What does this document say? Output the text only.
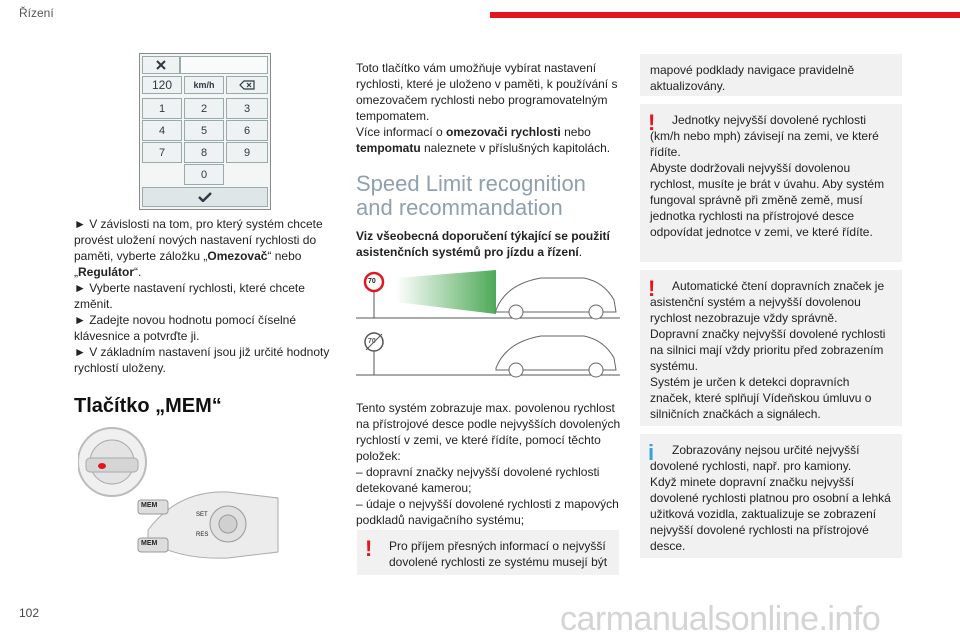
Řízení
120	km/h
1	2	3
4	5	6
7	8	9
0

► V závislosti na tom, pro který systém chcete provést uložení nových nastavení rychlosti do paměti, vyberte záložku „Omezovač“ nebo „Regulátor“.

► Vyberte nastavení rychlosti, které chcete změnit.

► Zadejte novou hodnotu pomocí číselné klávesnice a potvrďte ji.

► V základním nastavení jsou již určité hodnoty rychlostí uloženy.

Tlačítko „MEM“
MEM
MEM
SET
RES

Toto tlačítko vám umožňuje vybírat nastavení rychlosti, které je uloženo v paměti, k používání s omezovačem rychlosti nebo programovatelným tempomatem.

Více informací o omezovači rychlosti nebo tempomatu naleznete v příslušných kapitolách.

Speed Limit recognition and recommandation

Viz všeobecná doporučení týkající se použití asistenčních systémů pro jízdu a řízení.

70
70

Tento systém zobrazuje max. povolenou rychlost na přístrojové desce podle nejvyšších dovolených rychlostí v zemi, ve které řídíte, pomocí těchto položek:

– dopravní značky nejvyšší dovolené rychlosti detekované kamerou;

– údaje o nejvyšší dovolené rychlosti z mapových podkladů navigačního systému;

!	Pro příjem přesných informací o nejvyšší dovolené rychlosti ze systému musejí být

mapové podklady navigace pravidelně aktualizovány.

!	Jednotky nejvyšší dovolené rychlosti (km/h nebo mph) závisejí na zemi, ve které řídíte.

Abyste dodržovali nejvyšší dovolenou rychlost, musíte je brát v úvahu. Aby systém fungoval správně při změně země, musí jednotka rychlosti na přístrojové desce odpovídat jednotce v zemi, ve které řídíte.

!	Automatické čtení dopravních značek je asistenční systém a nejvyšší dovolenou rychlost nezobrazuje vždy správně.

Dopravní značky nejvyšší dovolené rychlosti na silnici mají vždy prioritu před zobrazením systému.

Systém je určen k detekci dopravních značek, které splňují Vídeňskou úmluvu o silničních značkách a signálech.

i	Zobrazovány nejsou určité nejvyšší dovolené rychlosti, např. pro kamiony.

Když minete dopravní značku nejvyšší dovolené rychlosti platnou pro osobní a lehká užitková vozidla, zaktualizuje se zobrazení nejvyšší dovolené rychlosti na přístrojové desce.

102	carmanualsonline.info
